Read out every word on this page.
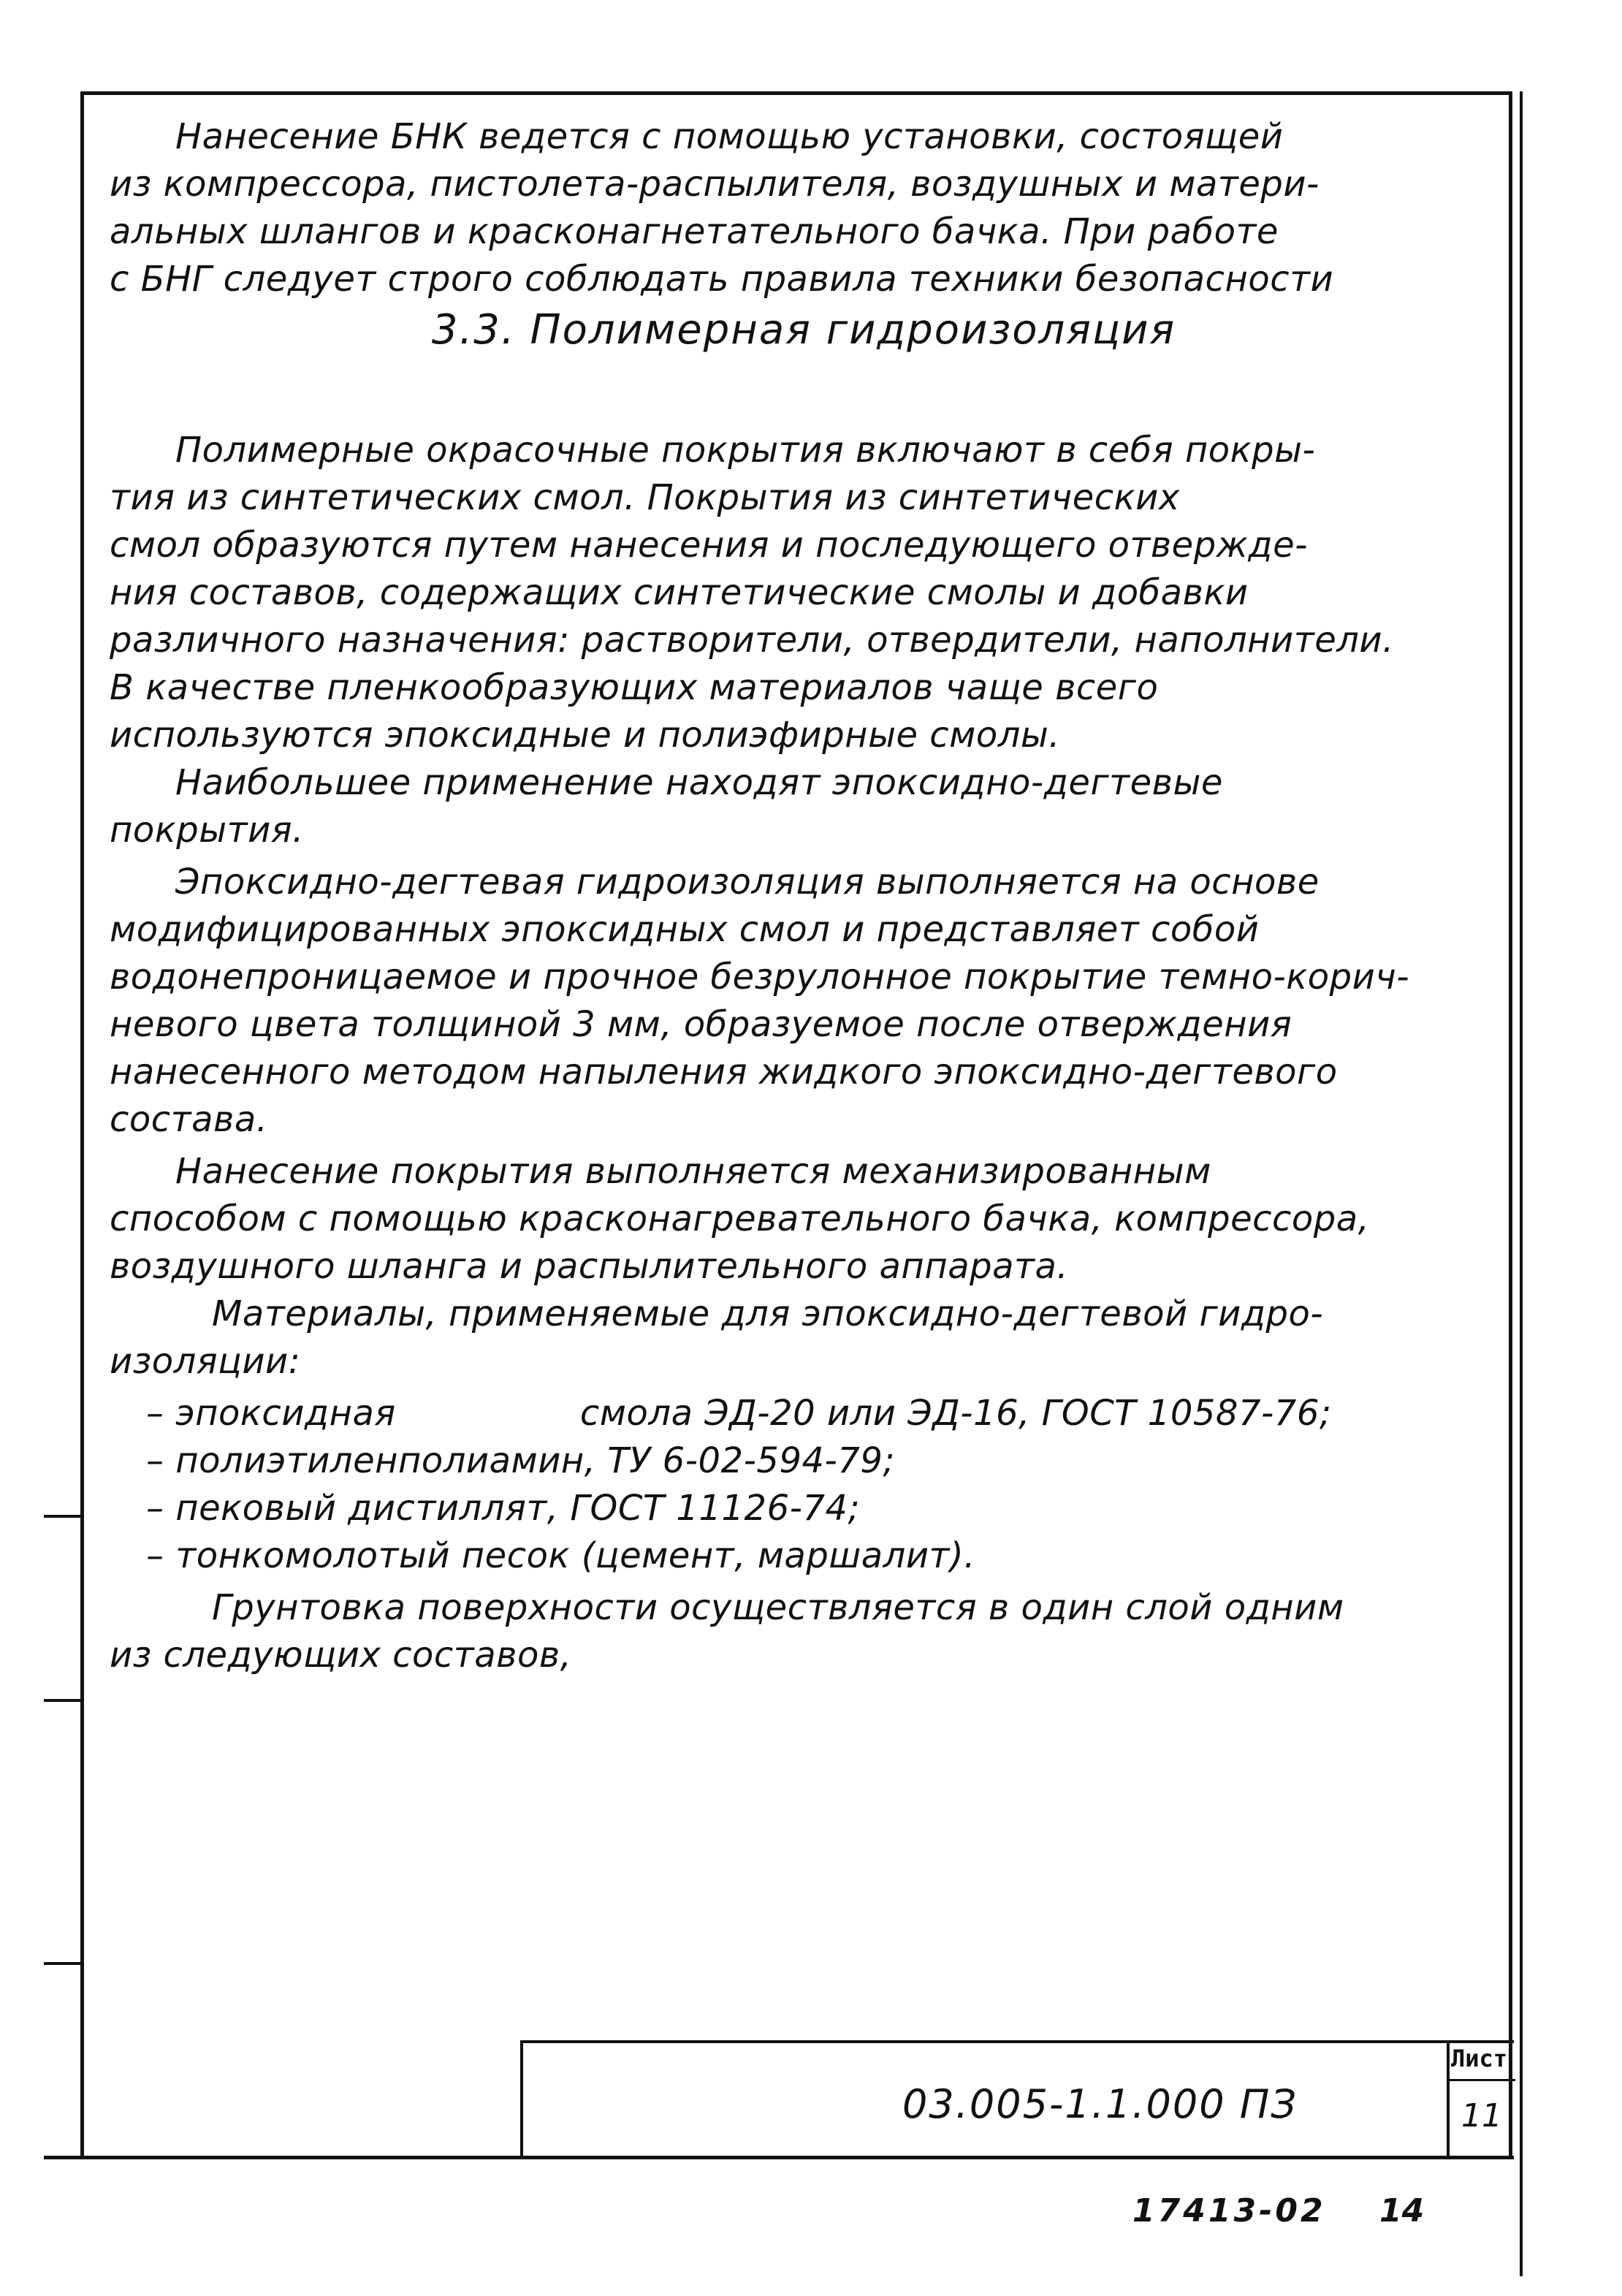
Нанесение БНК ведется с помощью установки, состоящей
из компрессора, пистолета-распылителя, воздушных и матери-
альных шлангов и красконагнетательного бачка. При работе
с БНГ следует строго соблюдать правила техники безопасности
3.3. Полимерная гидроизоляция
Полимерные окрасочные покрытия включают в себя покры-
тия из синтетических смол. Покрытия из синтетических
смол образуются путем нанесения и последующего отвержде-
ния составов, содержащих синтетические смолы и добавки
различного назначения: растворители, отвердители, наполнители.
В качестве пленкообразующих материалов чаще всего
используются эпоксидные и полиэфирные смолы.
Наибольшее применение находят эпоксидно-дегтевые
покрытия.
Эпоксидно-дегтевая гидроизоляция выполняется на основе
модифицированных эпоксидных смол и представляет собой
водонепроницаемое и прочное безрулонное покрытие темно-корич-
невого цвета толщиной 3 мм, образуемое после отверждения
нанесенного методом напыления жидкого эпоксидно-дегтевого
состава.
Нанесение покрытия выполняется механизированным
способом с помощью красконагревательного бачка, компрессора,
воздушного шланга и распылительного аппарата.
Материалы, применяемые для эпоксидно-дегтевой гидро-
изоляции:
– эпоксидная                смола ЭД-20 или ЭД-16, ГОСТ 10587-76;
– полиэтиленполиамин, ТУ 6-02-594-79;
– пековый дистиллят, ГОСТ 11126-74;
– тонкомолотый песок (цемент, маршалит).
Грунтовка поверхности осуществляется в один слой одним
из следующих составов,
03.005-1.1.000 ПЗ
Лист
11
17413-02 14
